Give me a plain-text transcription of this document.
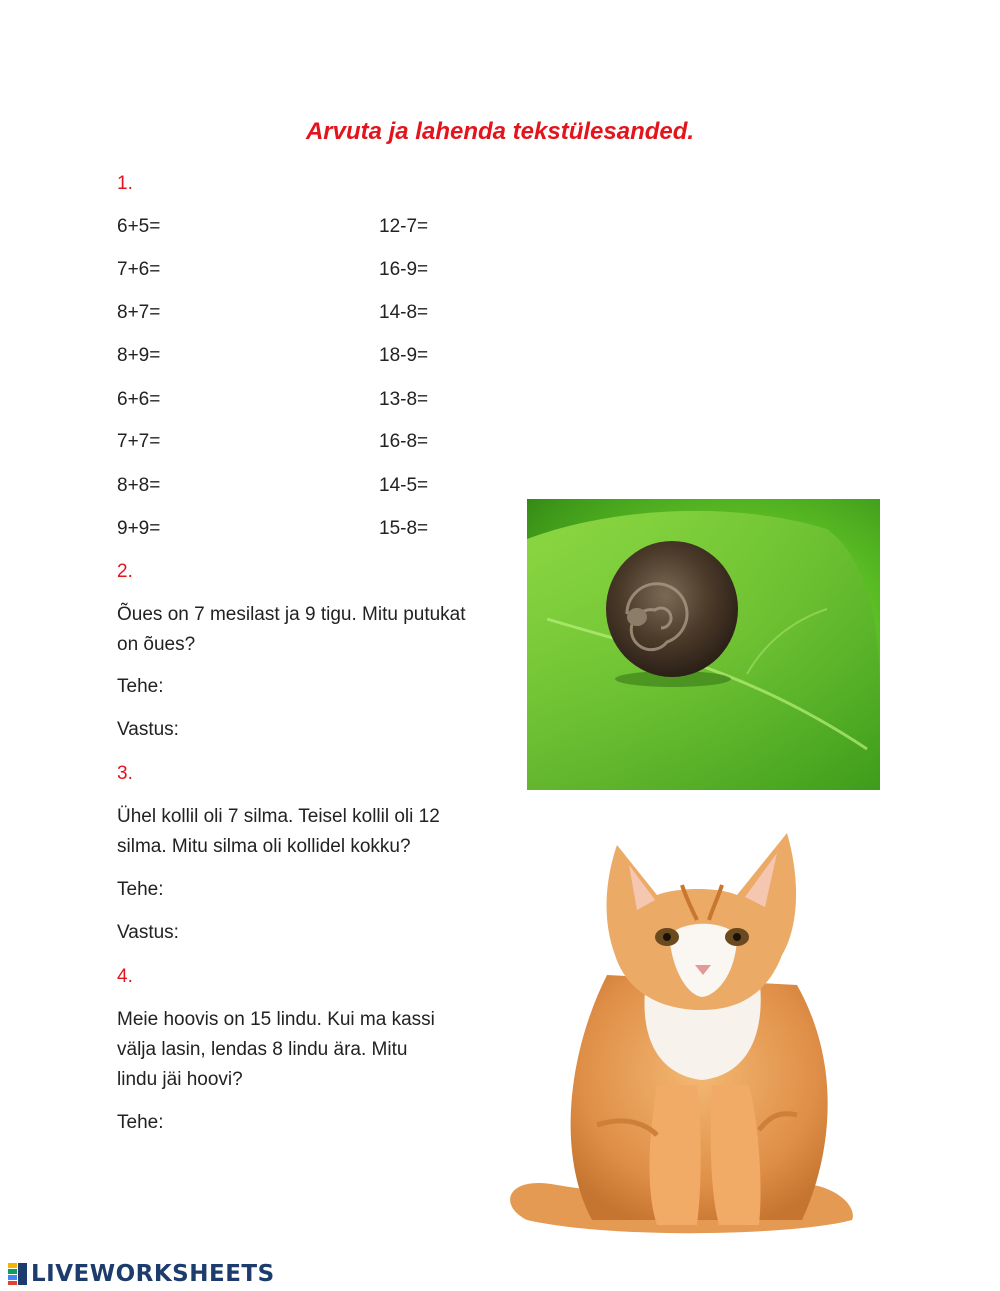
Arvuta ja lahenda tekstülesanded.
1.
6+5=
7+6=
8+7=
8+9=
6+6=
7+7=
8+8=
9+9=
12-7=
16-9=
14-8=
18-9=
13-8=
16-8=
14-5=
15-8=
2.
Õues on 7 mesilast ja 9 tigu. Mitu putukat
on õues?
Tehe:
Vastus:
3.
Ühel kollil oli 7 silma. Teisel kollil oli 12
silma. Mitu silma oli kollidel kokku?
Tehe:
Vastus:
4.
Meie hoovis on 15 lindu. Kui ma kassi
välja lasin, lendas 8 lindu ära. Mitu
lindu jäi hoovi?
Tehe:
LIVEWORKSHEETS
